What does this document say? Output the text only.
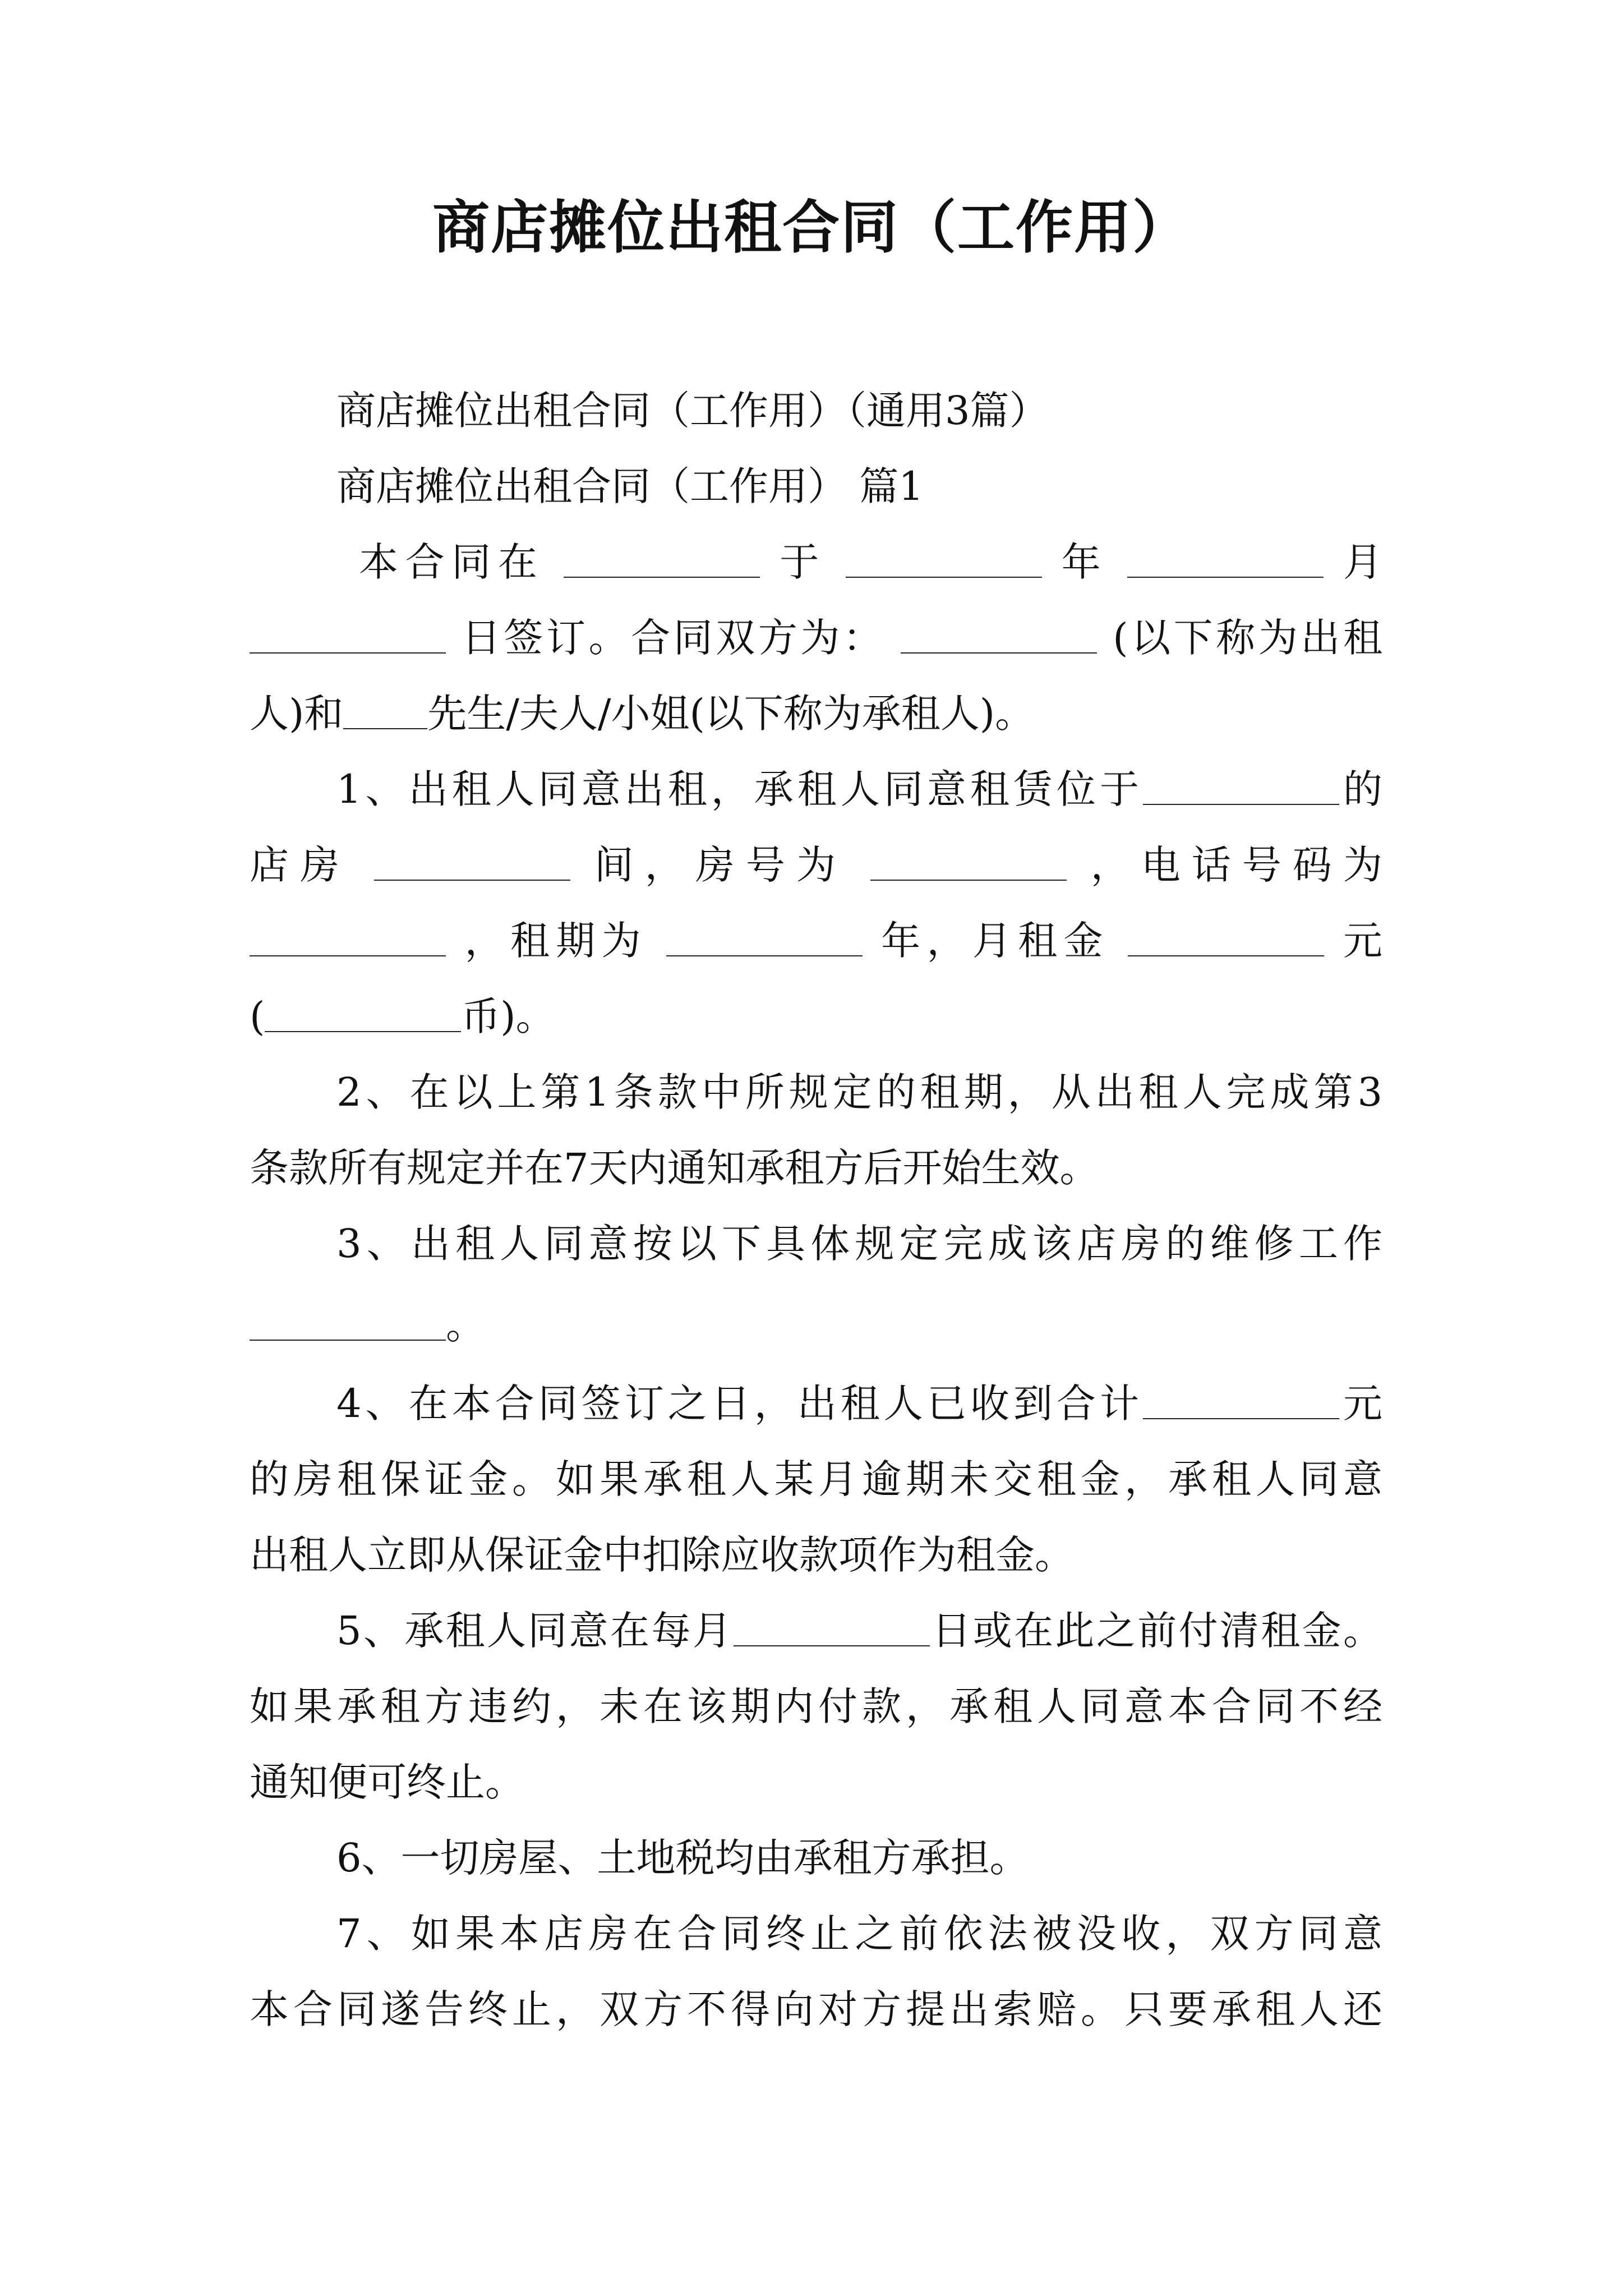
商店摊位出租合同（工作用）
商店摊位出租合同（工作用）（通用3篇）
商店摊位出租合同（工作用） 篇1
本合同在	于	年	月
日签订。合同双方为：	(以下称为出租
人)和 先生/夫人/小姐(以下称为承租人)。
1、出租人同意出租，承租人同意租赁位于	的
店房	间，房号为	，电话号码为
，租期为	年，月租金	元
(	币)。
2、在以上第1条款中所规定的租期，从出租人完成第3
条款所有规定并在7天内通知承租方后开始生效。
3、出租人同意按以下具体规定完成该店房的维修工作
。
4、在本合同签订之日，出租人已收到合计	元
的房租保证金。如果承租人某月逾期未交租金，承租人同意
出租人立即从保证金中扣除应收款项作为租金。
5、承租人同意在每月	日或在此之前付清租金。
如果承租方违约，未在该期内付款，承租人同意本合同不经
通知便可终止。
6、一切房屋、土地税均由承租方承担。
7、如果本店房在合同终止之前依法被没收，双方同意
本合同遂告终止，双方不得向对方提出索赔。只要承租人还
